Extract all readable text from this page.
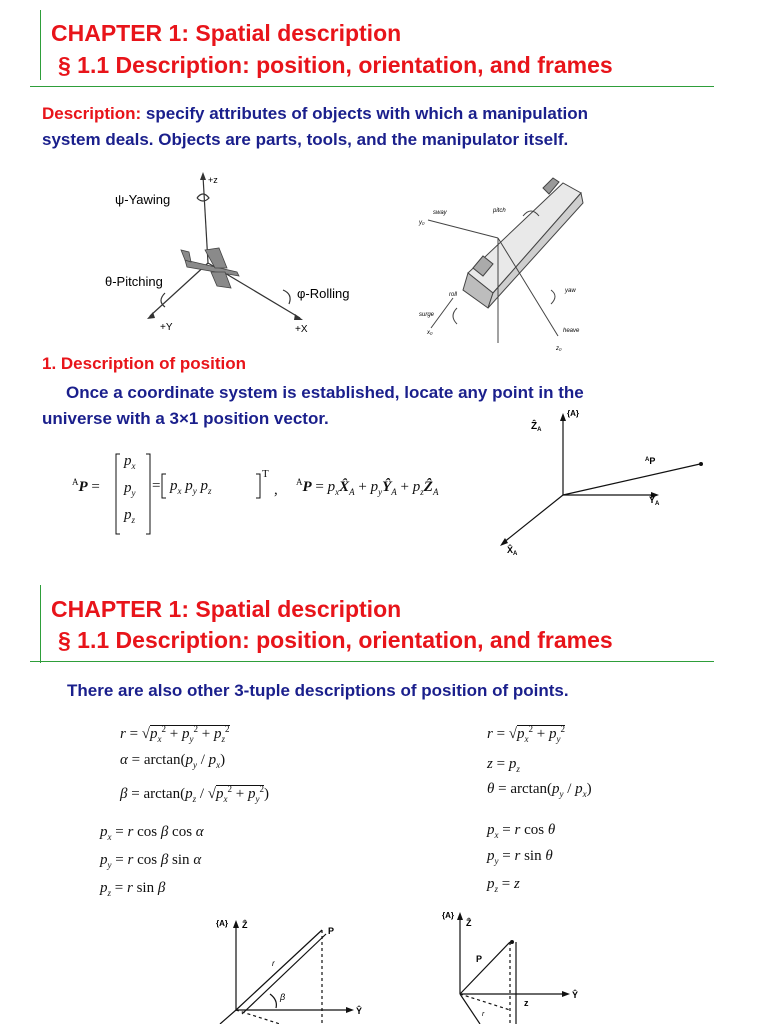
CHAPTER 1: Spatial description
§ 1.1 Description: position, orientation, and frames
Description: specify attributes of objects with which a manipulation
system deals. Objects are parts, tools, and the manipulator itself.
+z
ψ-Yawing
θ-Pitching
φ-Rolling
+Y	+X
sway
y₀
pitch
roll
yaw
surge
x₀	heave
z₀
1. Description of position
Once a coordinate system is established, locate any point in the
universe with a 3×1 position vector.
$^A$P =
$p_x$
$p_y$
$p_z$
= $p_x$ $p_y$ $p_z$
T
, $^AP = p_xX̂_A$ + $p_yŶ_A$ + $p_zẐ_A$
Ẑ$_A$
{A}
$^A$P
$Ŷ_A$
$X̂_A$
CHAPTER 1: Spatial description
§ 1.1 Description: position, orientation, and frames
There are also other 3-tuple descriptions of position of points.
$r = √p_x^2 + p_y^2 + p_z^2$
$\alpha = \arctan(p_y / p_x)$
$\beta = \arctan(p_z / √p_x^2 + p_y^2)$
$p_x = r$ cos β cos α
$p_y = r$ cos β sin α
$p_z = r$ sin β
$r = √p_x^2 + p_y^2$
$z = p_z$
$\theta = \arctan(p_y / p_x)$
$p_x = r$ cos θ
$p_y = r$ sin θ
$p_z = z$
{A} Ẑ
P
r
β
Ŷ
{A}
Ẑ
P
z
r
Ŷ
